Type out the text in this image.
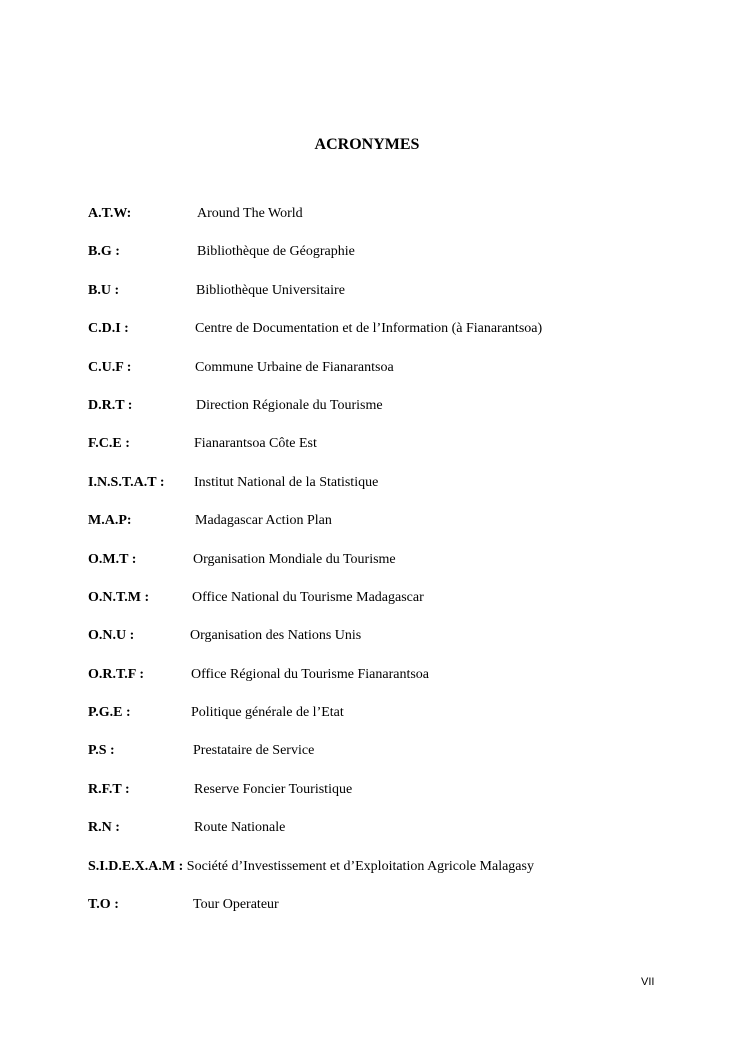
ACRONYMES
A.T.W:	Around The World
B.G :	Bibliothèque de Géographie
B.U :	Bibliothèque Universitaire
C.D.I :	Centre de Documentation et de l’Information (à Fianarantsoa)
C.U.F :	Commune Urbaine de Fianarantsoa
D.R.T :	Direction Régionale du Tourisme
F.C.E :	Fianarantsoa Côte Est
I.N.S.T.A.T : Institut National de la Statistique
M.A.P:	Madagascar Action Plan
O.M.T :	Organisation Mondiale du Tourisme
O.N.T.M :	Office National du Tourisme Madagascar
O.N.U :	Organisation des Nations Unis
O.R.T.F :	Office Régional du Tourisme Fianarantsoa
P.G.E :	Politique générale de l’Etat
P.S :	Prestataire de Service
R.F.T :	Reserve Foncier Touristique
R.N :	Route Nationale
S.I.D.E.X.A.M : Société d’Investissement et d’Exploitation Agricole Malagasy
T.O :	Tour Operateur
VII
